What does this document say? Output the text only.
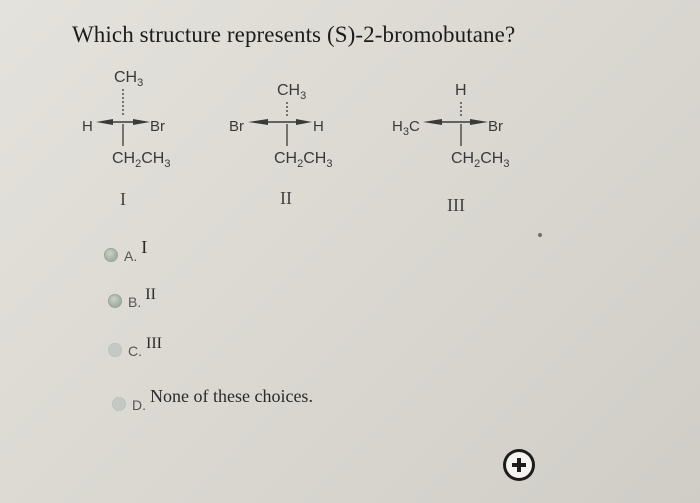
Which structure represents (S)-2-bromobutane?
$CH_3$
H	Br
$CH_2CH_3$
I
$CH_3$
Br	H
$CH_2CH_3$
II
H
$H_3C$	Br
$CH_2CH_3$
III
A. I
B. II
C. III
D. None of these choices.
